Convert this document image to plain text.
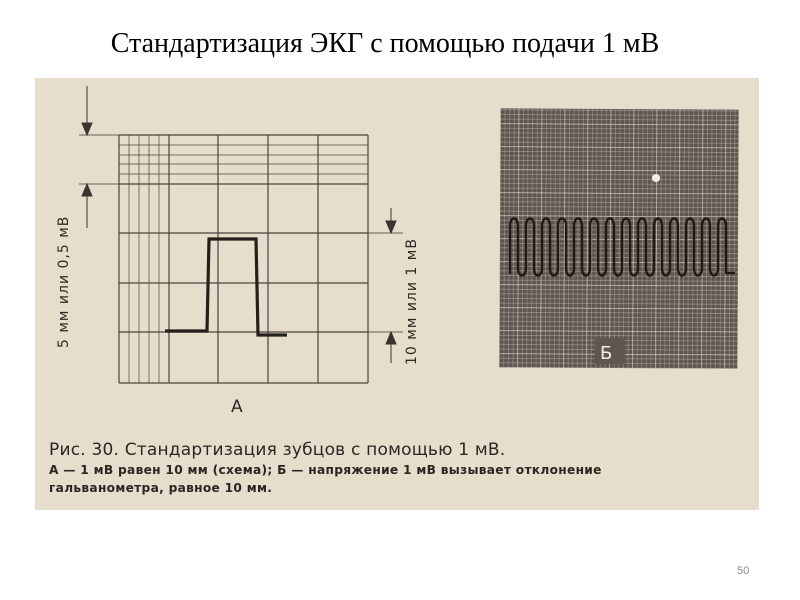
Стандартизация ЭКГ с помощью подачи 1 мВ
5 мм или 0,5 мВ	10 мм или 1 мВ
А
Б
Рис. 30. Стандартизация зубцов с помощью 1 мВ.
А — 1 мВ равен 10 мм (схема); Б — напряжение 1 мВ вызывает отклонение
гальванометра, равное 10 мм.
50
